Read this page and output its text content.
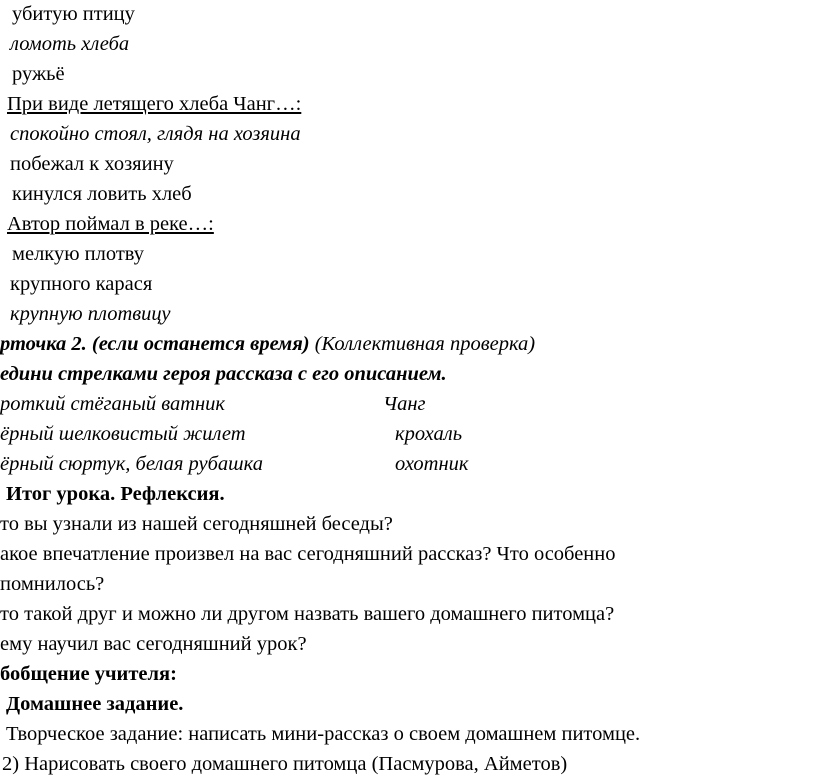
убитую птицу
ломоть хлеба
ружьё
При виде летящего хлеба Чанг…:
спокойно стоял, глядя на хозяина
побежал к хозяину
кинулся ловить хлеб
Автор поймал в реке…:
мелкую плотву
крупного карася
крупную плотвицу
рточка 2. (если останется время) (Коллективная проверка)
едини стрелками героя рассказа с его описанием.
роткий стёганый ватник	Чанг
ёрный шелковистый жилет	крохаль
ёрный сюртук, белая рубашка	охотник
Итог урока. Рефлексия.
то вы узнали из нашей сегодняшней беседы?
акое впечатление произвел на вас сегодняшний рассказ? Что особенно
помнилось?
то такой друг и можно ли другом назвать вашего домашнего питомца?
ему научил вас сегодняшний урок?
бобщение учителя:
Домашнее задание.
Творческое задание: написать мини-рассказ о своем домашнем питомце.
2) Нарисовать своего домашнего питомца (Пасмурова, Айметов)
